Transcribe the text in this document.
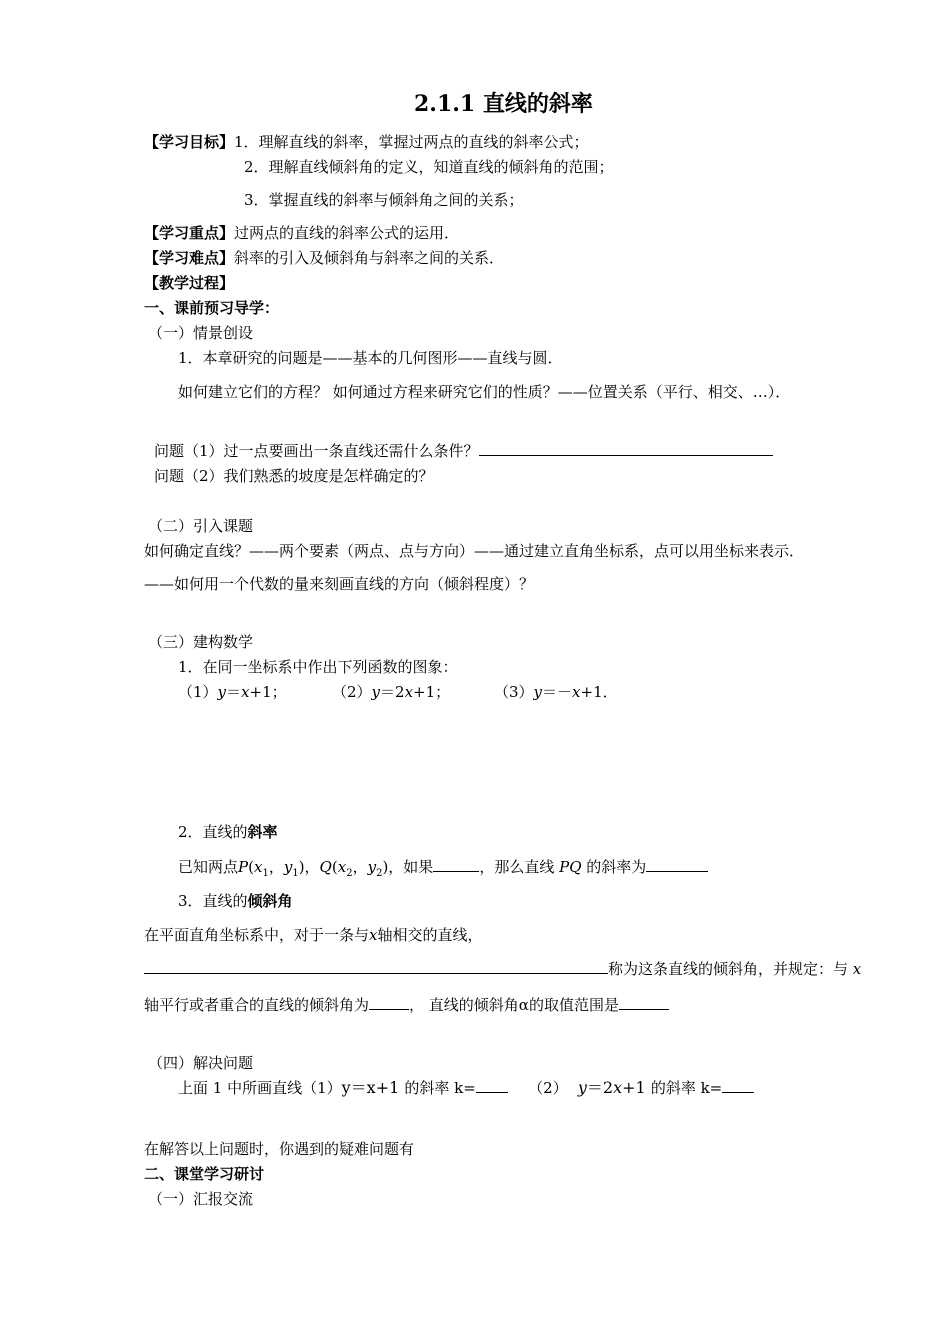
2.1.1 直线的斜率
【学习目标】1．理解直线的斜率，掌握过两点的直线的斜率公式；
2．理解直线倾斜角的定义，知道直线的倾斜角的范围；
3．掌握直线的斜率与倾斜角之间的关系；
【学习重点】过两点的直线的斜率公式的运用．
【学习难点】斜率的引入及倾斜角与斜率之间的关系．
【教学过程】
一、课前预习导学：
（一）情景创设
1．本章研究的问题是——基本的几何图形——直线与圆．
如何建立它们的方程？ 如何通过方程来研究它们的性质？——位置关系（平行、相交、…）．
问题（1）过一点要画出一条直线还需什么条件？
问题（2）我们熟悉的坡度是怎样确定的？
（二）引入课题
如何确定直线？——两个要素（两点、点与方向）——通过建立直角坐标系，点可以用坐标来表示．
——如何用一个代数的量来刻画直线的方向（倾斜程度）？
（三）建构数学
1．在同一坐标系中作出下列函数的图象：
（1）y＝x+1；	（2）y＝2x+1；	（3）y＝－x+1．
2．直线的斜率
已知两点$P(x_1$，$y_1$)，$Q(x_2$，$y_2$)，如果	，那么直线 PQ 的斜率为
3．直线的倾斜角
在平面直角坐标系中，对于一条与x轴相交的直线，
称为这条直线的倾斜角，并规定：与 x
轴平行或者重合的直线的倾斜角为	， 直线的倾斜角α的取值范围是
（四）解决问题
上面 1 中所画直线（1）y＝x+1 的斜率 k=	（2） y＝2x+1 的斜率 k=
在解答以上问题时，你遇到的疑难问题有
二、课堂学习研讨
（一）汇报交流
